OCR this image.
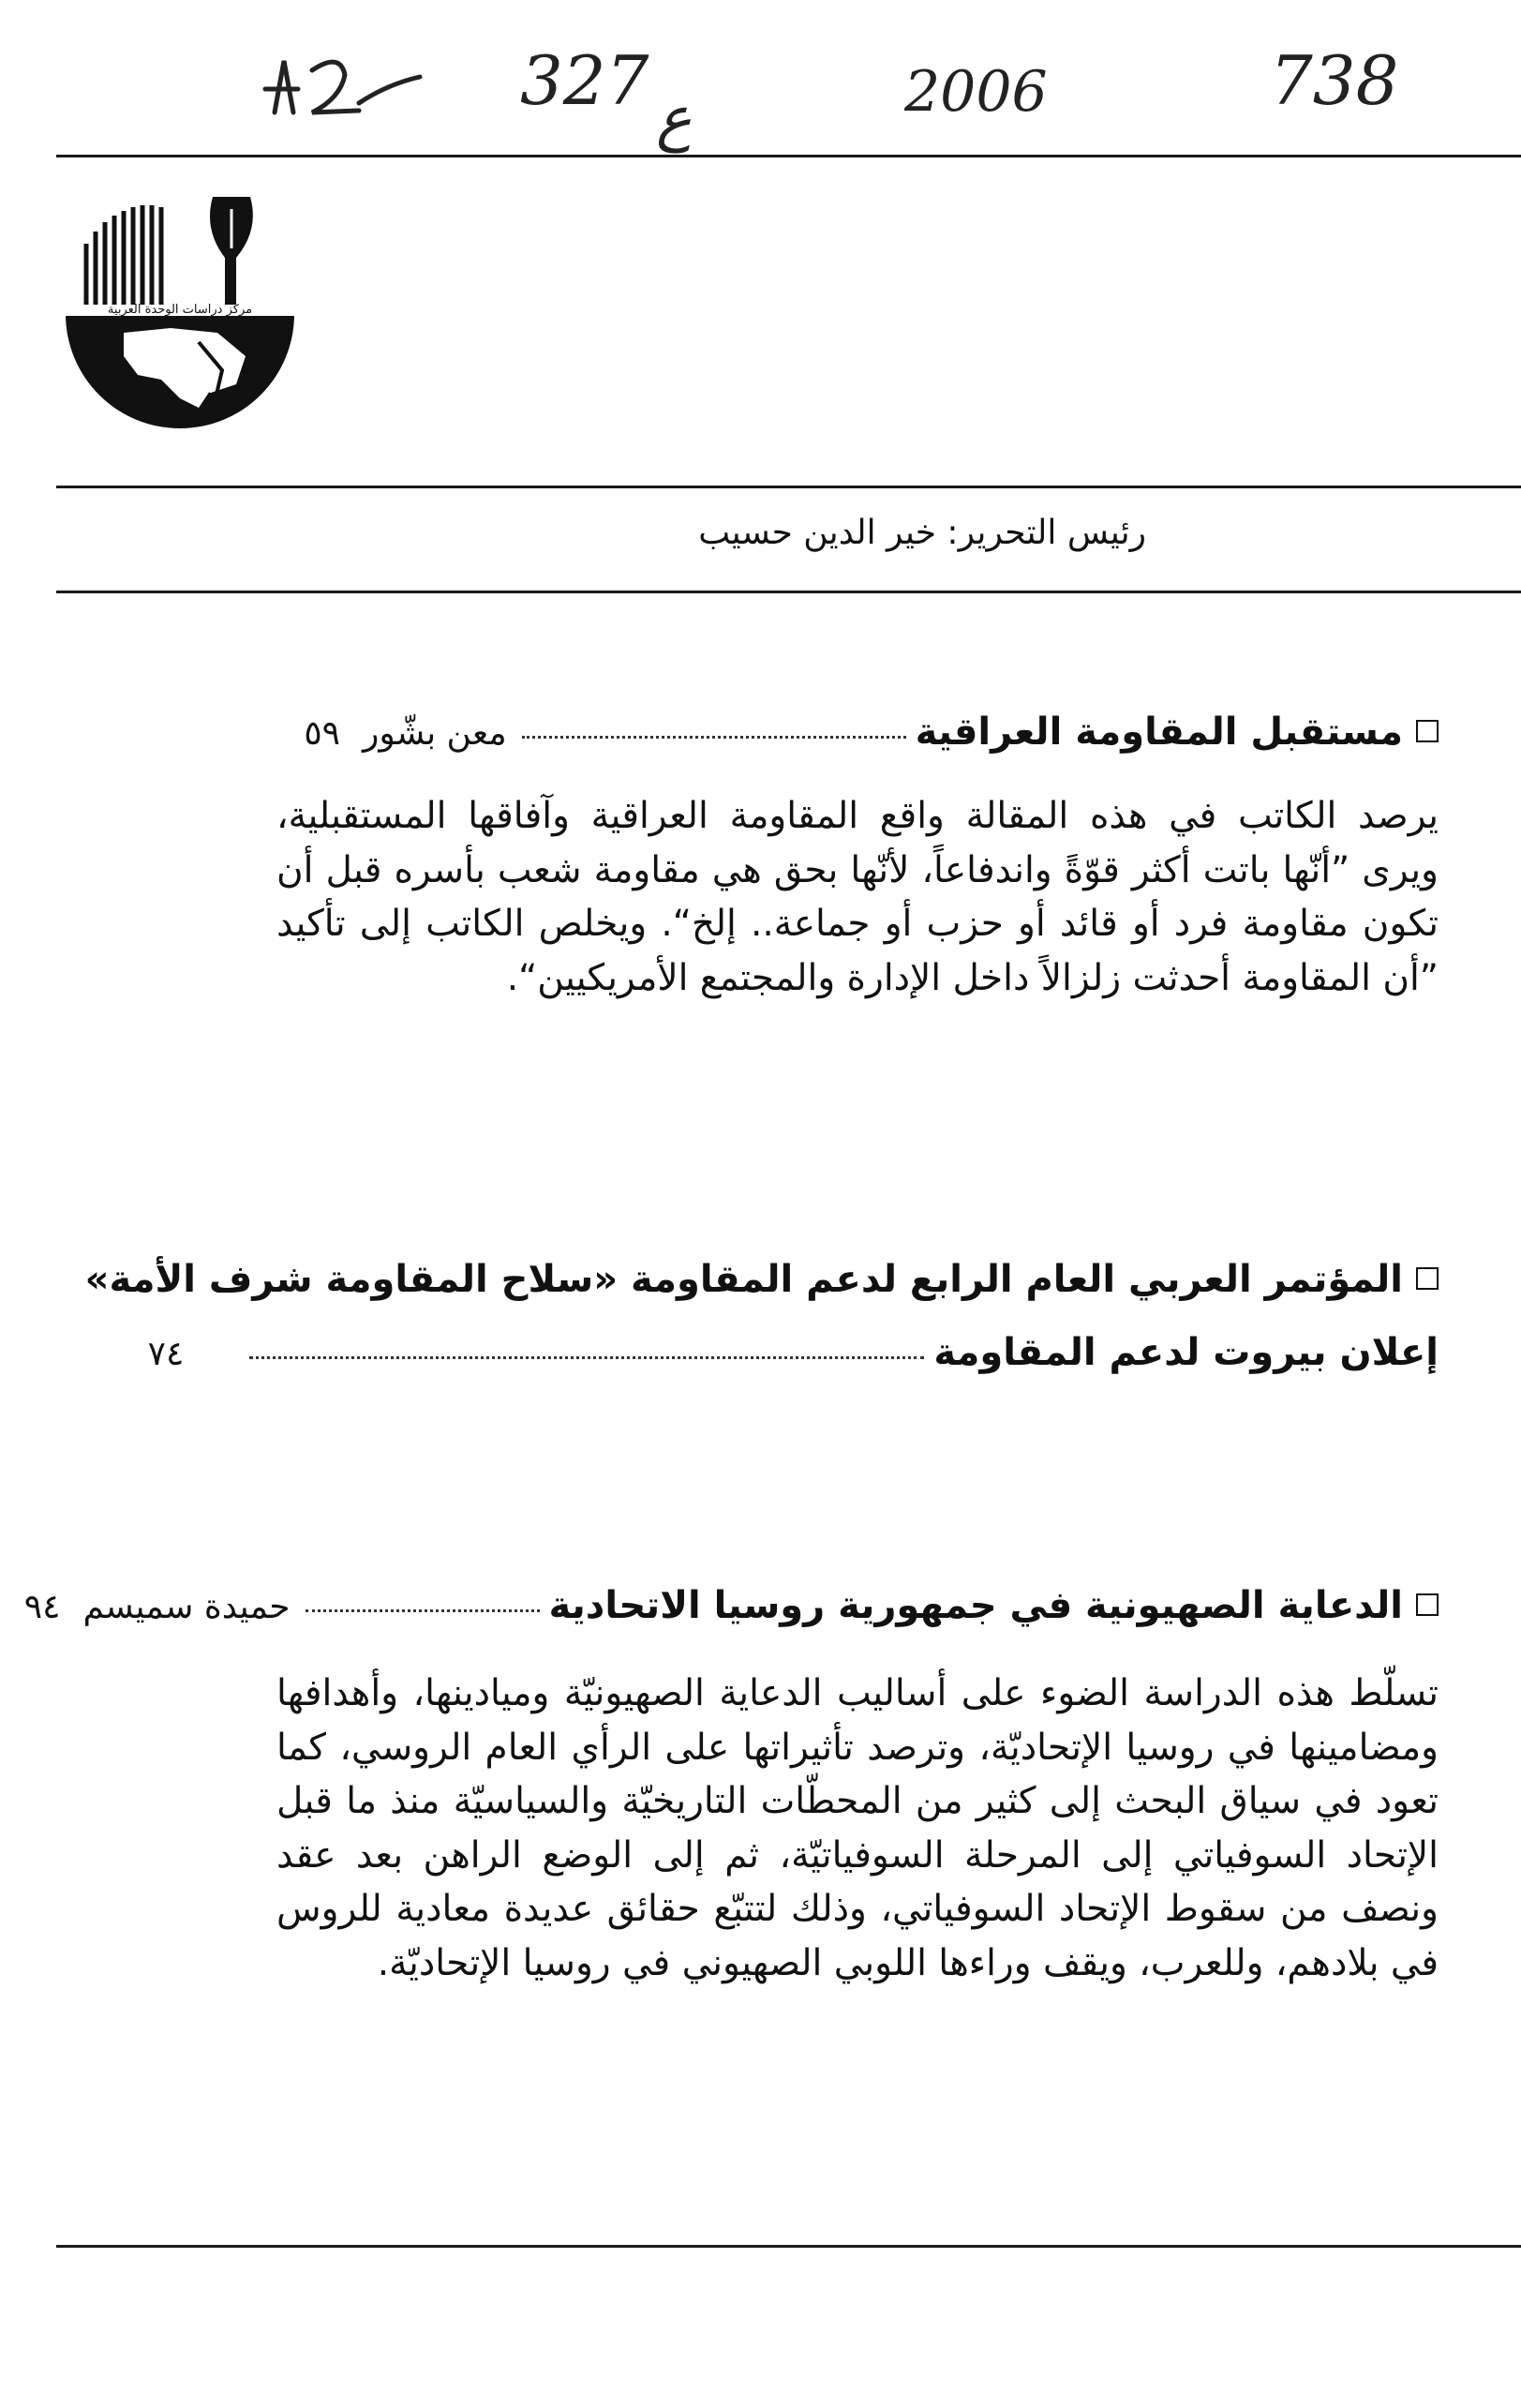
327 ع	2006	738
مركز دراسات الوحدة العربية
رئيس التحرير: خير الدين حسيب
مستقبل المقاومة العراقية
معن بشّور
٥٩
يرصد الكاتب في هذه المقالة واقع المقاومة العراقية وآفاقها المستقبلية، ويرى ”أنّها باتت أكثر قوّةً واندفاعاً، لأنّها بحق هي مقاومة شعب بأسره قبل أن تكون مقاومة فرد أو قائد أو حزب أو جماعة.. إلخ“. ويخلص الكاتب إلى تأكيد ”أن المقاومة أحدثت زلزالاً داخل الإدارة والمجتمع الأمريكيين“.
المؤتمر العربي العام الرابع لدعم المقاومة «سلاح المقاومة شرف الأمة»
إعلان بيروت لدعم المقاومة
٧٤
الدعاية الصهيونية في جمهورية روسيا الاتحادية
حميدة سميسم
٩٤
تسلّط هذه الدراسة الضوء على أساليب الدعاية الصهيونيّة وميادينها، وأهدافها ومضامينها في روسيا الإتحاديّة، وترصد تأثيراتها على الرأي العام الروسي، كما تعود في سياق البحث إلى كثير من المحطّات التاريخيّة والسياسيّة منذ ما قبل الإتحاد السوفياتي إلى المرحلة السوفياتيّة، ثم إلى الوضع الراهن بعد عقد ونصف من سقوط الإتحاد السوفياتي، وذلك لتتبّع حقائق عديدة معادية للروس في بلادهم، وللعرب، ويقف وراءها اللوبي الصهيوني في روسيا الإتحاديّة.
